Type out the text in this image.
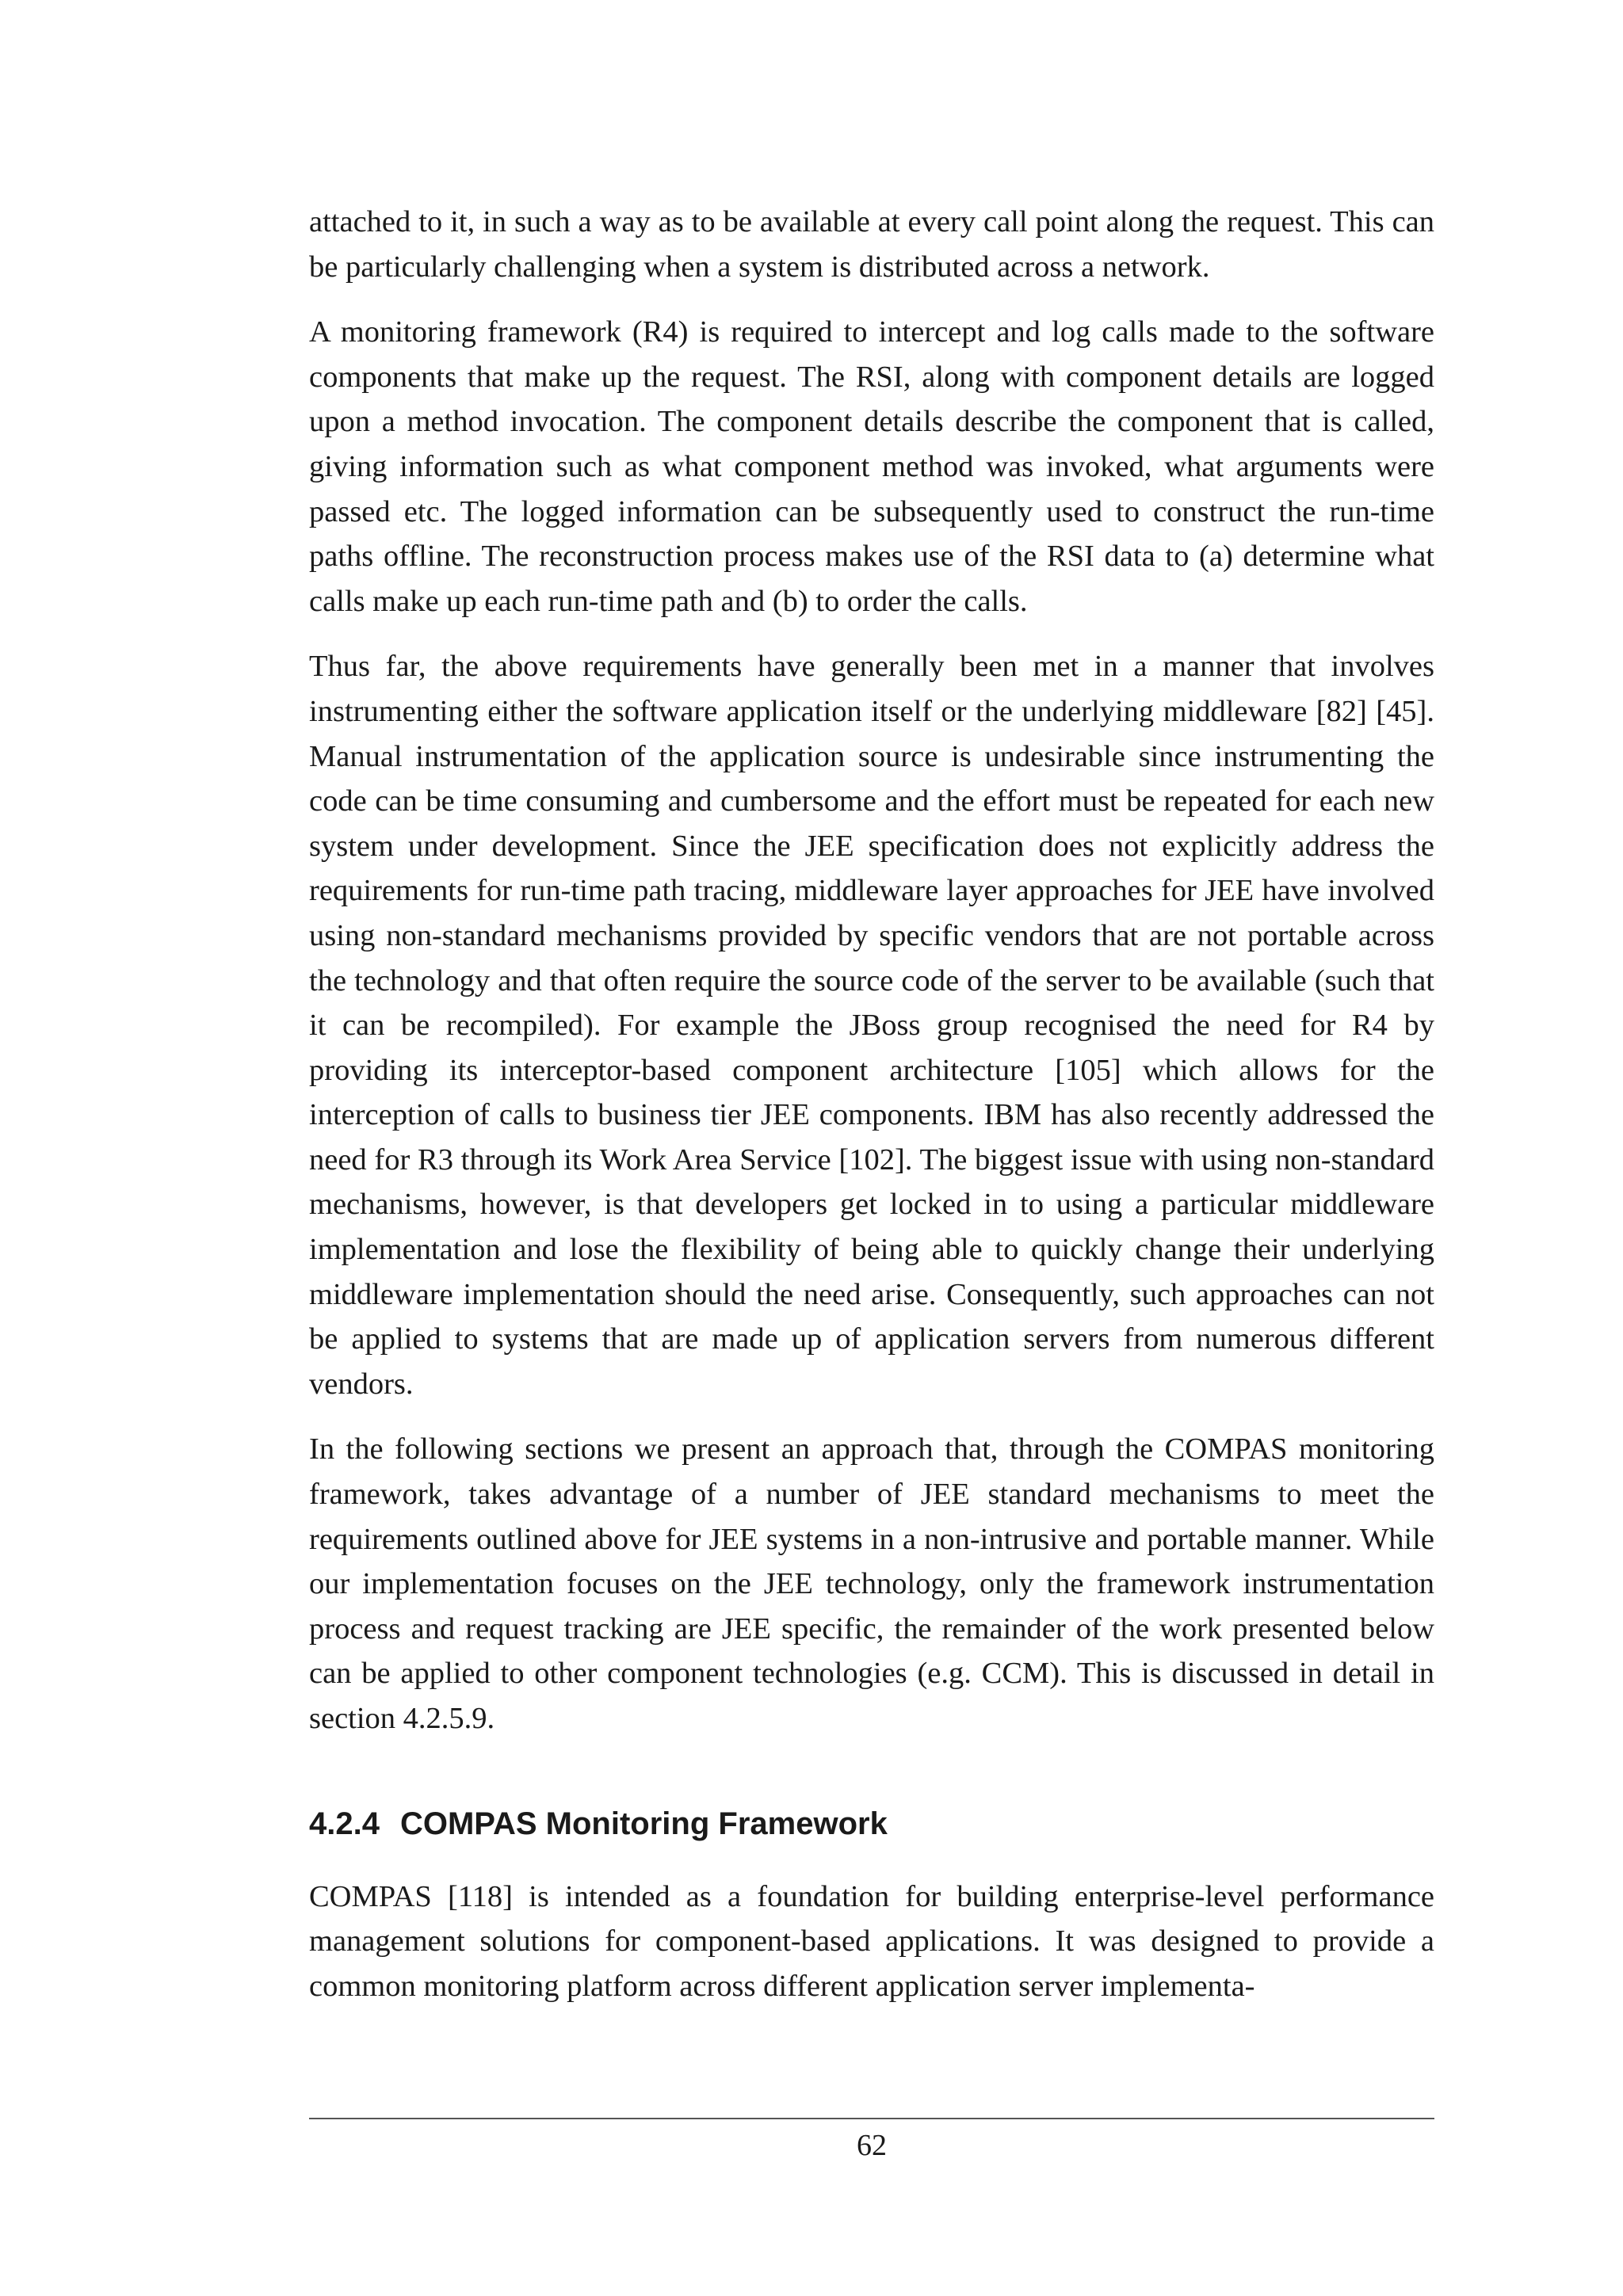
attached to it, in such a way as to be available at every call point along the request. This can be particularly challenging when a system is distributed across a network.

A monitoring framework (R4) is required to intercept and log calls made to the software components that make up the request. The RSI, along with component details are logged upon a method invocation. The component details describe the component that is called, giving information such as what component method was invoked, what arguments were passed etc. The logged information can be subsequently used to construct the run-time paths offline. The reconstruction process makes use of the RSI data to (a) determine what calls make up each run-time path and (b) to order the calls.

Thus far, the above requirements have generally been met in a manner that involves instrumenting either the software application itself or the underlying middleware [82] [45]. Manual instrumentation of the application source is undesirable since instrumenting the code can be time consuming and cumbersome and the effort must be repeated for each new system under development. Since the JEE specification does not explicitly address the requirements for run-time path tracing, middleware layer approaches for JEE have involved using non-standard mechanisms provided by specific vendors that are not portable across the technology and that often require the source code of the server to be available (such that it can be recompiled). For example the JBoss group recognised the need for R4 by providing its interceptor-based component architecture [105] which allows for the interception of calls to business tier JEE components. IBM has also recently addressed the need for R3 through its Work Area Service [102]. The biggest issue with using non-standard mechanisms, however, is that developers get locked in to using a particular middleware implementation and lose the flexibility of being able to quickly change their underlying middleware implementation should the need arise. Consequently, such approaches can not be applied to systems that are made up of application servers from numerous different vendors.

In the following sections we present an approach that, through the COMPAS monitoring framework, takes advantage of a number of JEE standard mechanisms to meet the requirements outlined above for JEE systems in a non-intrusive and portable manner. While our implementation focuses on the JEE technology, only the framework instrumentation process and request tracking are JEE specific, the remainder of the work presented below can be applied to other component technologies (e.g. CCM). This is discussed in detail in section 4.2.5.9.

4.2.4 COMPAS Monitoring Framework

COMPAS [118] is intended as a foundation for building enterprise-level performance management solutions for component-based applications. It was designed to provide a common monitoring platform across different application server implementa-

62
